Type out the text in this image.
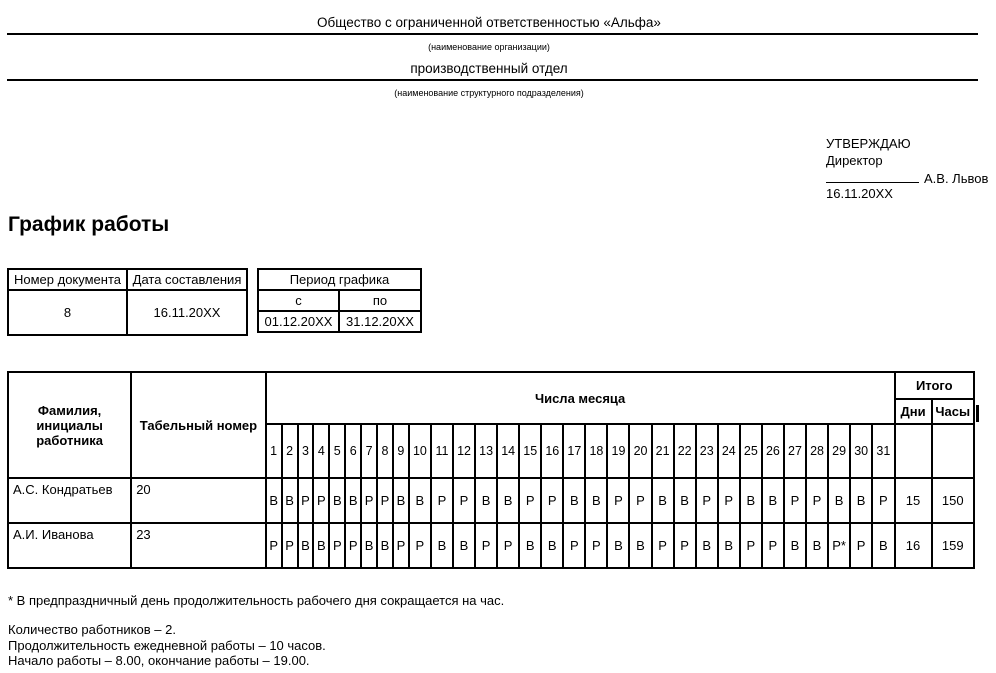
Общество с ограниченной ответственностью «Альфа»
(наименование организации)
производственный отдел
(наименование структурного подразделения)
УТВЕРЖДАЮ
Директор
А.В. Львов
16.11.20XX
График работы
Номер документа	Дата составления
8	16.11.20XX
Период графика	
с	по
01.12.20XX	31.12.20XX
Фамилия, инициалы работника	Табельный номер	Числа месяца																															Итого	
																																	Дни	Часы
		1	2	3	4	5	6	7	8	9	10	11	12	13	14	15	16	17	18	19	20	21	22	23	24	25	26	27	28	29	30	31		
А.С. Кондратьев	20	В	В	Р	Р	В	В	Р	Р	В	В	Р	Р	В	В	Р	Р	В	В	Р	Р	В	В	Р	Р	В	В	Р	Р	В	В	Р	15	150
А.И. Иванова	23	Р	Р	В	В	Р	Р	В	В	Р	Р	В	В	Р	Р	В	В	Р	Р	В	В	Р	Р	В	В	Р	Р	В	В	Р*	Р	В	16	159
* В предпраздничный день продолжительность рабочего дня сокращается на час.
Количество работников – 2.
Продолжительность ежедневной работы – 10 часов.
Начало работы – 8.00, окончание работы – 19.00.
